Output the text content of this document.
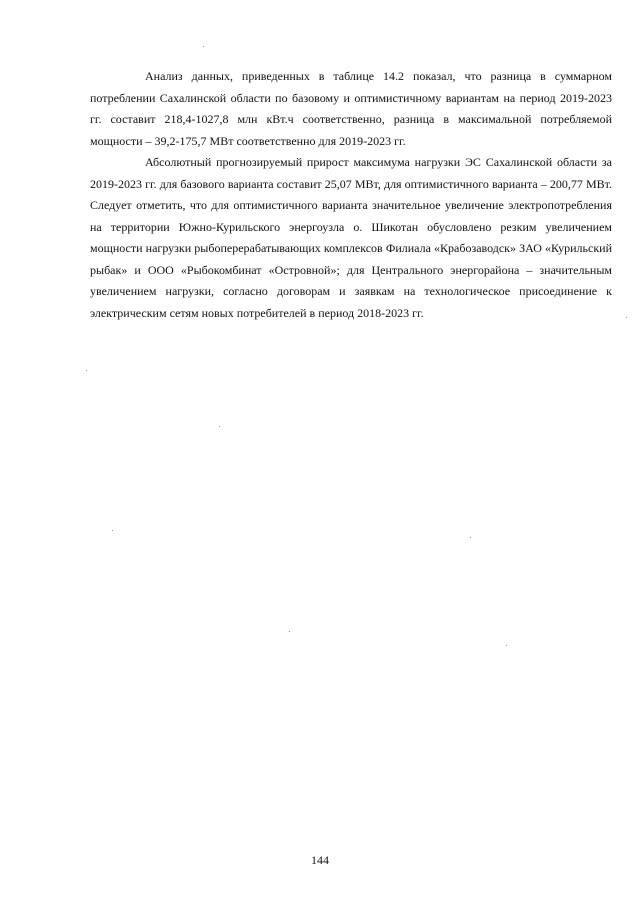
Анализ данных, приведенных в таблице 14.2 показал, что разница в суммарном потреблении Сахалинской области по базовому и оптимистичному вариантам на период 2019-2023 гг. составит 218,4-1027,8 млн кВт.ч соответственно, разница в максимальной потребляемой мощности – 39,2-175,7 МВт соответственно для 2019-2023 гг.

Абсолютный прогнозируемый прирост максимума нагрузки ЭС Сахалинской области за 2019-2023 гг. для базового варианта составит 25,07 МВт, для оптимистичного варианта – 200,77 МВт. Следует отметить, что для оптимистичного варианта значительное увеличение электропотребления на территории Южно-Курильского энергоузла о. Шикотан обусловлено резким увеличением мощности нагрузки рыбоперерабатывающих комплексов Филиала «Крабозаводск» ЗАО «Курильский рыбак» и ООО «Рыбокомбинат «Островной»; для Центрального энергорайона – значительным увеличением нагрузки, согласно договорам и заявкам на технологическое присоединение к электрическим сетям новых потребителей в период 2018-2023 гг.

144
